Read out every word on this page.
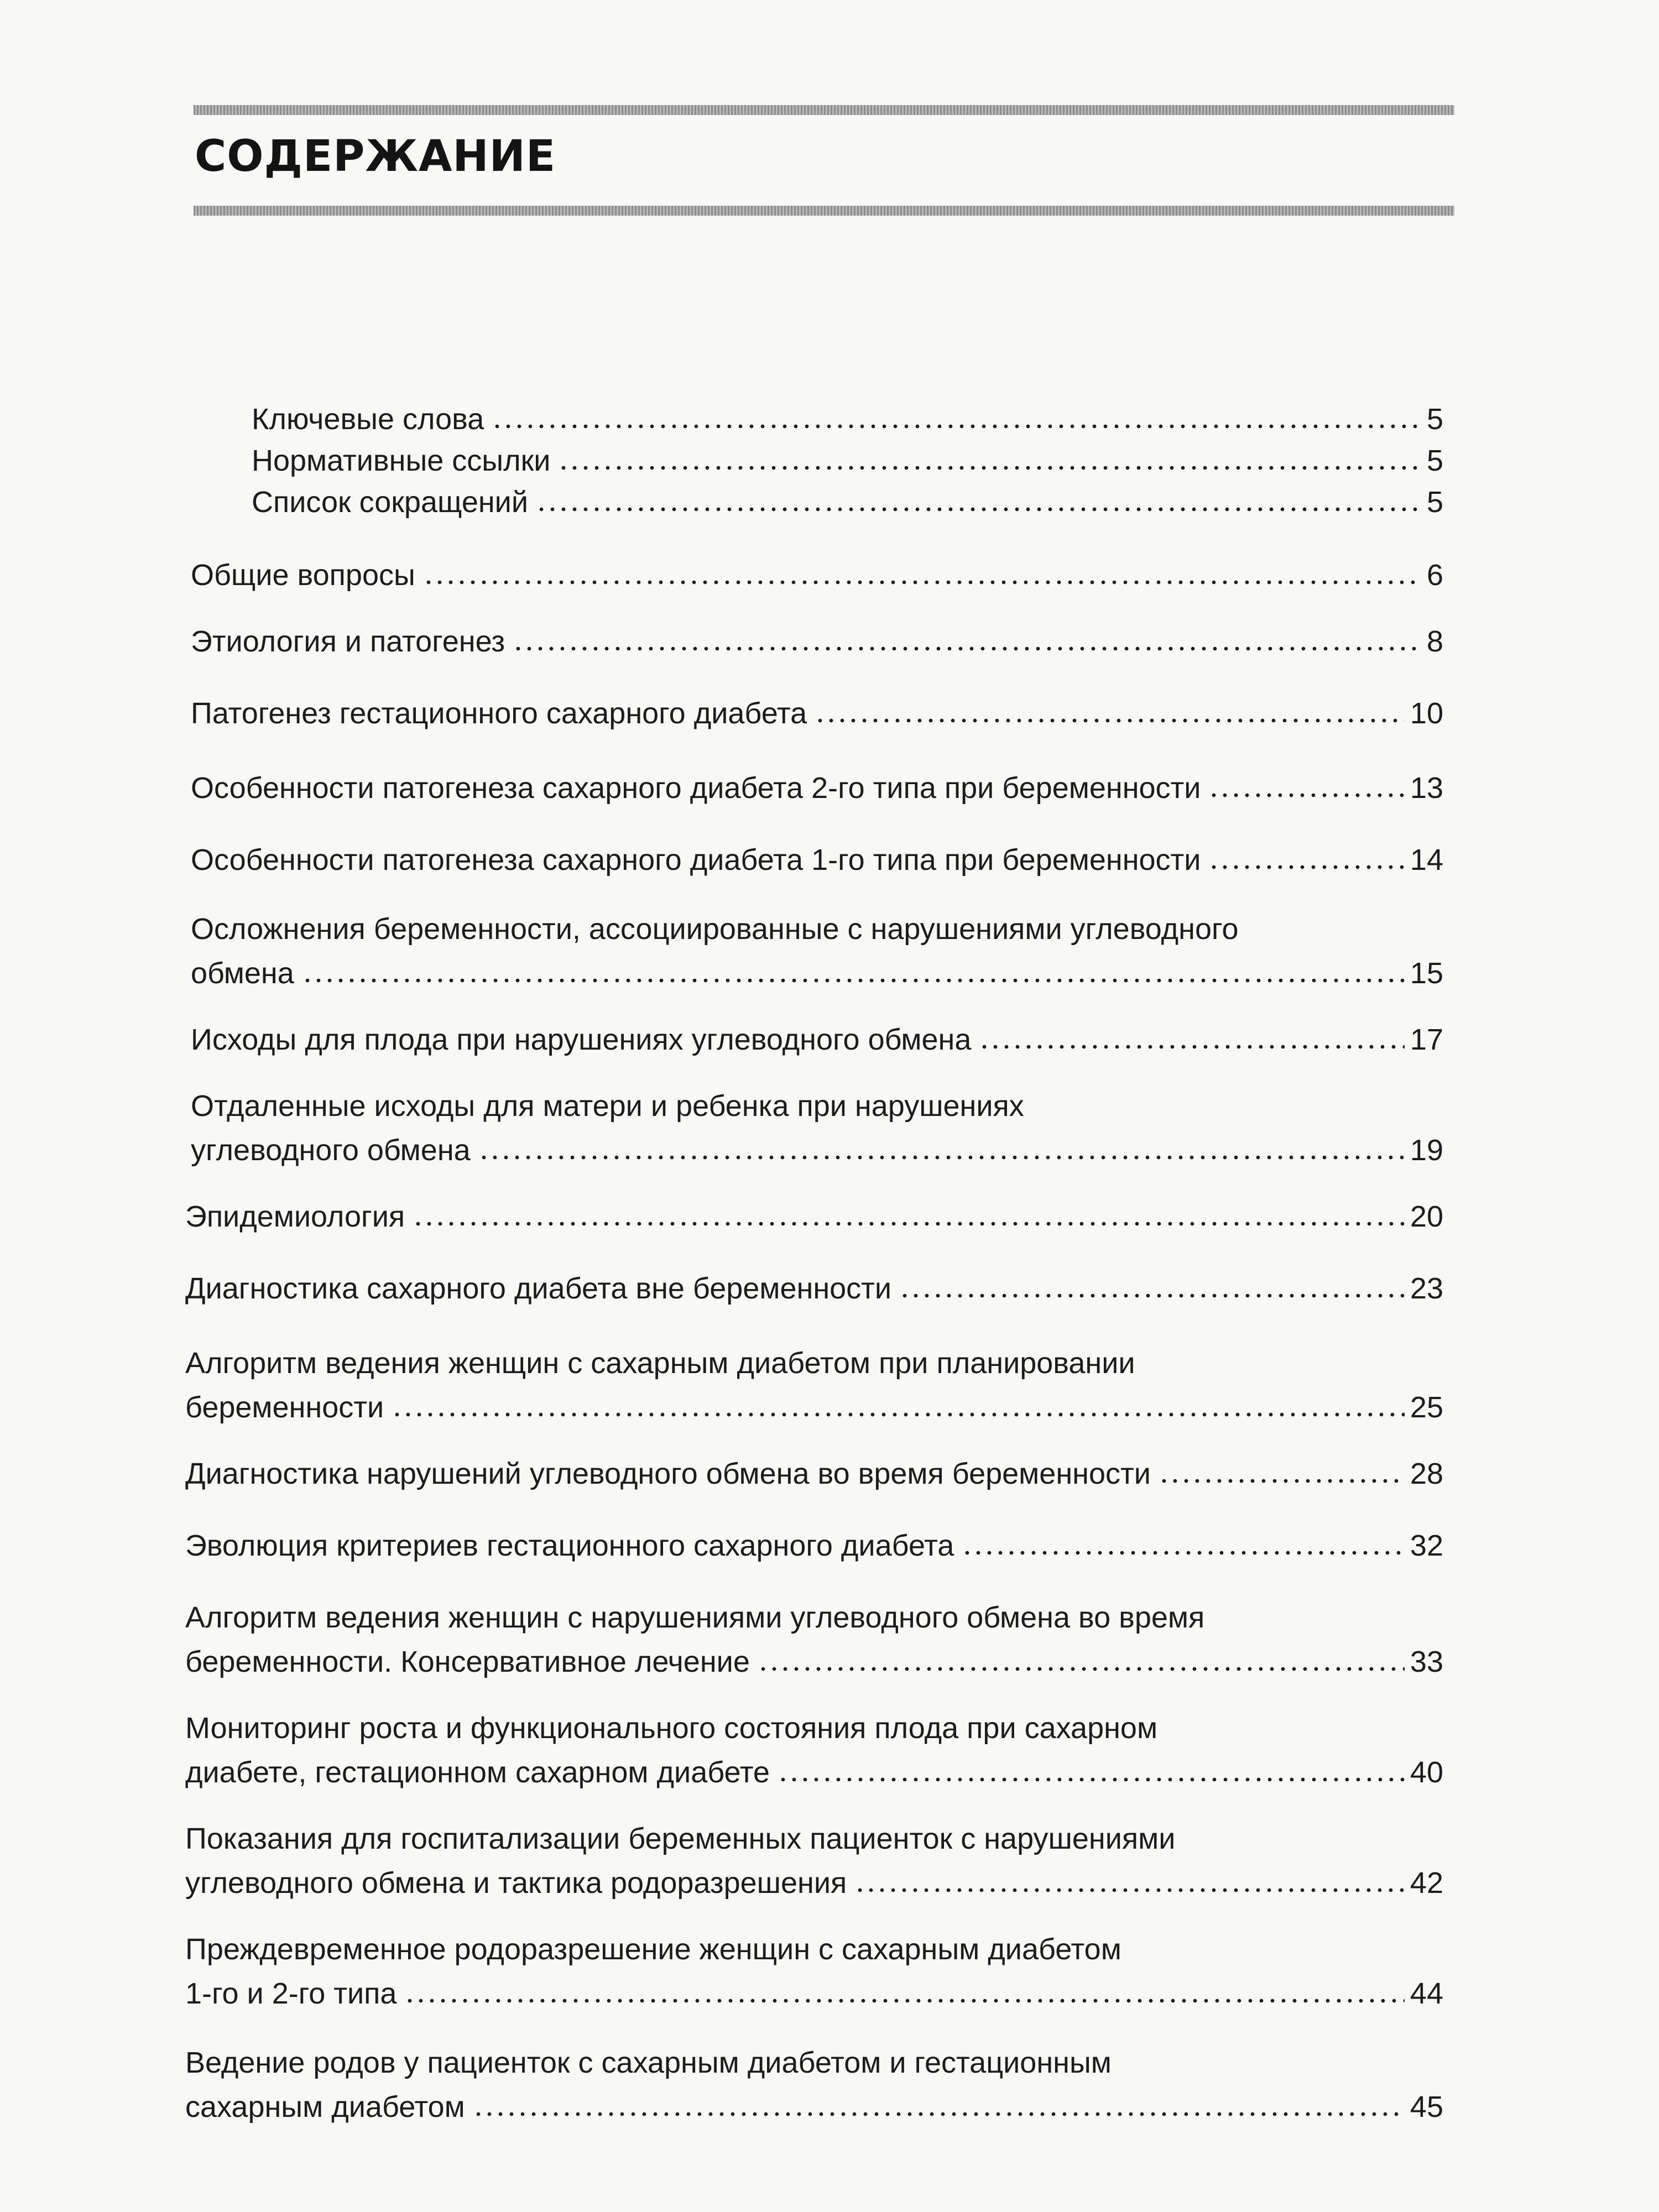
СОДЕРЖАНИЕ
Ключевые слова	5
Нормативные ссылки	5
Список сокращений	5
Общие вопросы	6
Этиология и патогенез	8
Патогенез гестационного сахарного диабета	10
Особенности патогенеза сахарного диабета 2-го типа при беременности	13
Особенности патогенеза сахарного диабета 1-го типа при беременности	14
Осложнения беременности, ассоциированные с нарушениями углеводного
обмена	15
Исходы для плода при нарушениях углеводного обмена	17
Отдаленные исходы для матери и ребенка при нарушениях
углеводного обмена	19
Эпидемиология	20
Диагностика сахарного диабета вне беременности	23
Алгоритм ведения женщин с сахарным диабетом при планировании
беременности	25
Диагностика нарушений углеводного обмена во время беременности	28
Эволюция критериев гестационного сахарного диабета	32
Алгоритм ведения женщин с нарушениями углеводного обмена во время
беременности. Консервативное лечение	33
Мониторинг роста и функционального состояния плода при сахарном
диабете, гестационном сахарном диабете	40
Показания для госпитализации беременных пациенток с нарушениями
углеводного обмена и тактика родоразрешения	42
Преждевременное родоразрешение женщин с сахарным диабетом
1-го и 2-го типа	44
Ведение родов у пациенток с сахарным диабетом и гестационным
сахарным диабетом	45
